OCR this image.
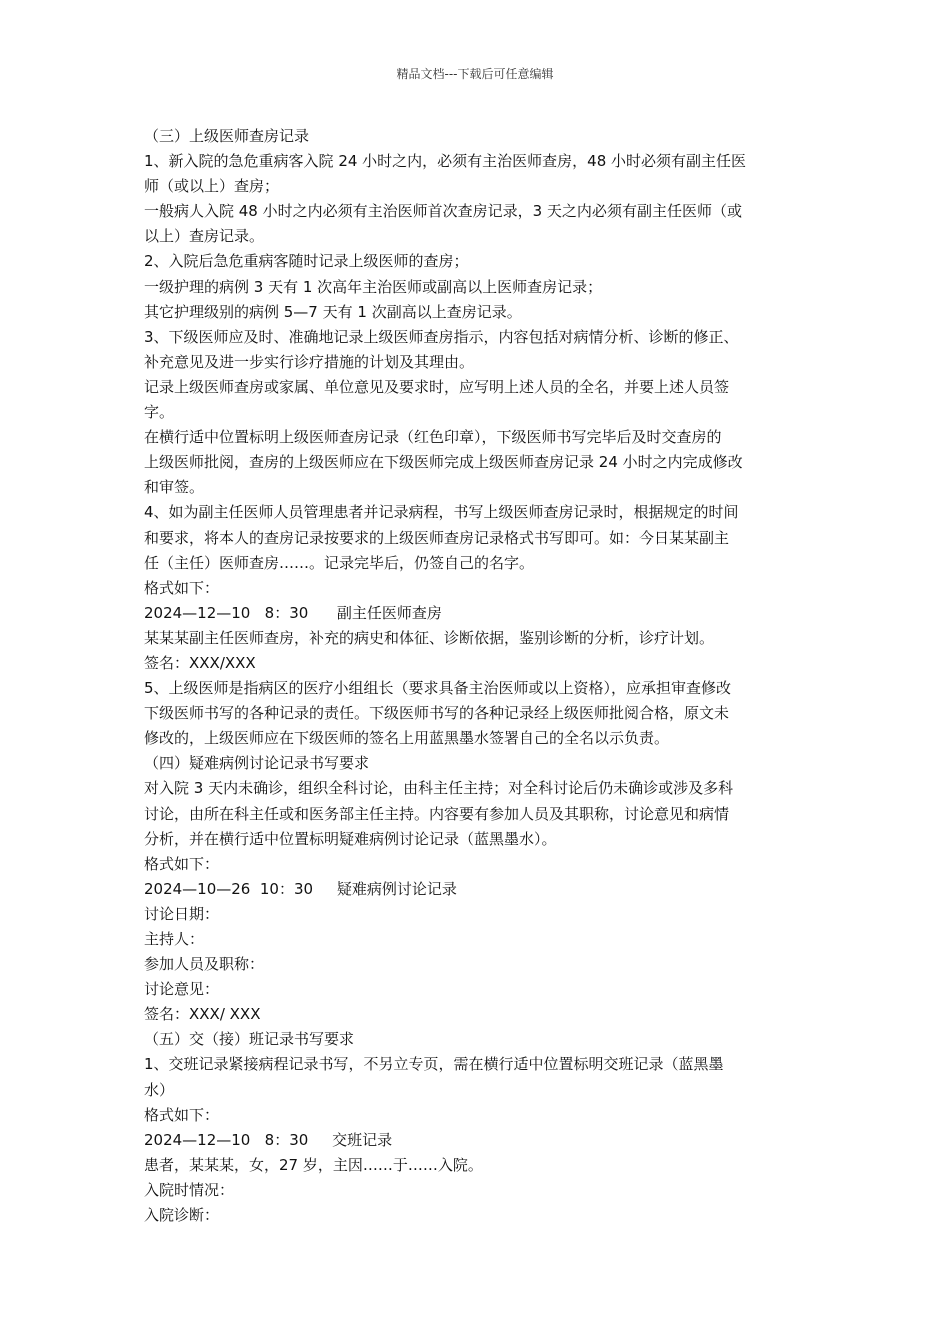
精品文档---下载后可任意编辑
（三）上级医师查房记录
1、新入院的急危重病客入院 24 小时之内，必须有主治医师查房，48 小时必须有副主任医
师（或以上）查房；
一般病人入院 48 小时之内必须有主治医师首次查房记录，3 天之内必须有副主任医师（或
以上）查房记录。
2、入院后急危重病客随时记录上级医师的查房；
一级护理的病例 3 天有 1 次高年主治医师或副高以上医师查房记录；
其它护理级别的病例 5—7 天有 1 次副高以上查房记录。
3、下级医师应及时、准确地记录上级医师查房指示，内容包括对病情分析、诊断的修正、
补充意见及进一步实行诊疗措施的计划及其理由。
记录上级医师查房或家属、单位意见及要求时，应写明上述人员的全名，并要上述人员签
字。
在横行适中位置标明上级医师查房记录（红色印章），下级医师书写完毕后及时交查房的
上级医师批阅，查房的上级医师应在下级医师完成上级医师查房记录 24 小时之内完成修改
和审签。
4、如为副主任医师人员管理患者并记录病程，书写上级医师查房记录时，根据规定的时间
和要求，将本人的查房记录按要求的上级医师查房记录格式书写即可。如：今日某某副主
任（主任）医师查房……。记录完毕后，仍签自己的名字。
格式如下：
2024—12—10   8：30      副主任医师查房
某某某副主任医师查房，补充的病史和体征、诊断依据，鉴别诊断的分析，诊疗计划。
签名：XXX/XXX
5、上级医师是指病区的医疗小组组长（要求具备主治医师或以上资格），应承担审查修改
下级医师书写的各种记录的责任。下级医师书写的各种记录经上级医师批阅合格，原文未
修改的，上级医师应在下级医师的签名上用蓝黑墨水签署自己的全名以示负责。
（四）疑难病例讨论记录书写要求
对入院 3 天内未确诊，组织全科讨论，由科主任主持；对全科讨论后仍未确诊或涉及多科
讨论，由所在科主任或和医务部主任主持。内容要有参加人员及其职称，讨论意见和病情
分析，并在横行适中位置标明疑难病例讨论记录（蓝黑墨水）。
格式如下：
2024—10—26  10：30     疑难病例讨论记录
讨论日期：
主持人：
参加人员及职称：
讨论意见：
签名：XXX/ XXX
（五）交（接）班记录书写要求
1、交班记录紧接病程记录书写，不另立专页，需在横行适中位置标明交班记录（蓝黑墨
水）
格式如下：
2024—12—10   8：30     交班记录
患者，某某某，女，27 岁，主因……于……入院。
入院时情况：
入院诊断：
